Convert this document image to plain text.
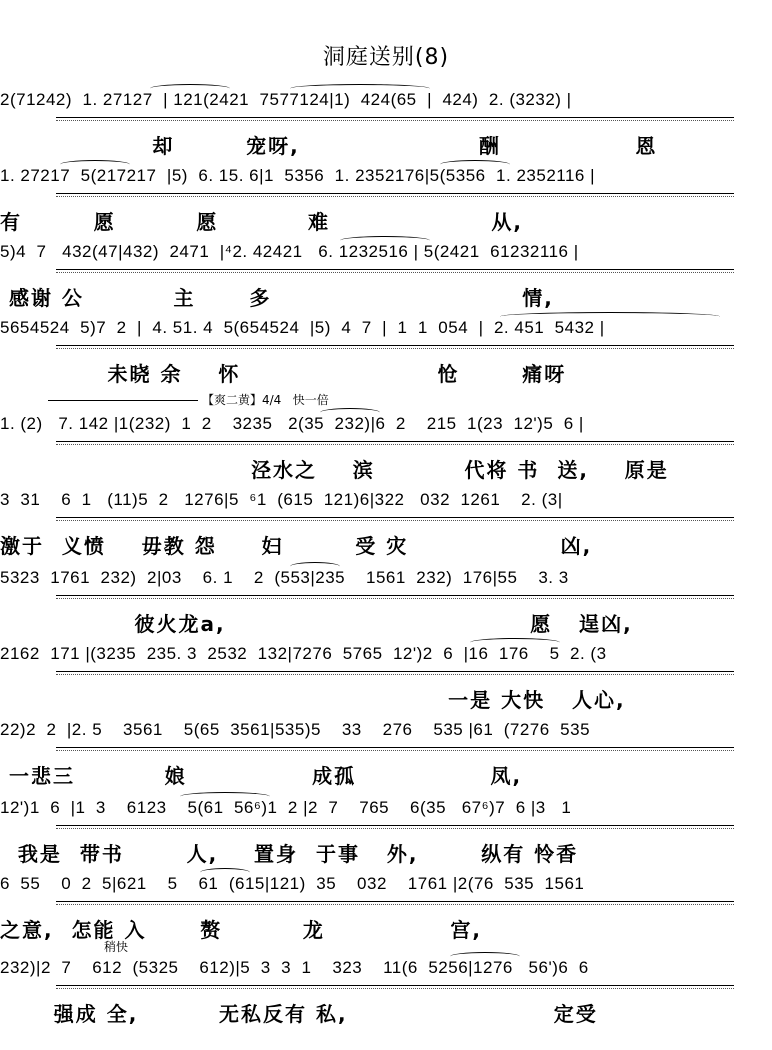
洞庭送别(8)
【爽二黄】4/4 快一倍
稍快
2(71242)  1. 27127  | 121(2421  7577124|1)  424(65  |  424)  2. (3232) |
却        宠呀,                    酬               恩
1. 27217  5(217217  |5)  6. 15. 6|1  5356  1. 2352176|5(5356  1. 2352116 |
有        愿         愿          难                  从,
5)4  7   432(47|432)  2471  |⁴2. 42421   6. 1232516 | 5(2421  61232116 |
感谢 公          主      多                            情,
5654524  5)7  2  |  4. 51. 4  5(654524  |5)  4  7  |  1  1  054  |  2. 451  5432 |
未晓 余    怀                      怆       痛呀
1. (2)   7. 142 |1(232)  1  2    3235   2(35  232)|6  2    215  1(23  12')5  6 |
泾水之    滨          代将 书  送,    原是
3  31    6  1   (11)5  2   1276|5  ⁶1  (615  121)6|322   032  1261    2. (3|
激于  义愤    毋教 怨     妇        受 灾                 凶,
5323  1761  232)  2|03    6. 1    2  (553|235    1561  232)  176|55    3. 3
彼火龙a,                                  愿   逞凶,
2162  171 |(3235  235. 3  2532  132|7276  5765  12')2  6  |16  176    5  2. (3
一是 大快   人心,
22)2  2  |2. 5    3561    5(65  3561|535)5    33    276    535 |61  (7276  535
一悲三          娘              成孤               凤,
12')1  6  |1  3    6123    5(61  56⁶)1  2 |2  7    765    6(35   67⁶)7  6 |3   1
我是  带书       人,    置身  于事   外,       纵有 怜香
6  55    0  2  5|621    5    61  (615|121)  35    032    1761 |2(76  535  1561
之意,  怎能 入      赘         龙              宫,
232)|2  7    612  (5325    612)|5  3  3  1    323    11(6  5256|1276   56')6  6
强成 全,         无私反有 私,                       定受
